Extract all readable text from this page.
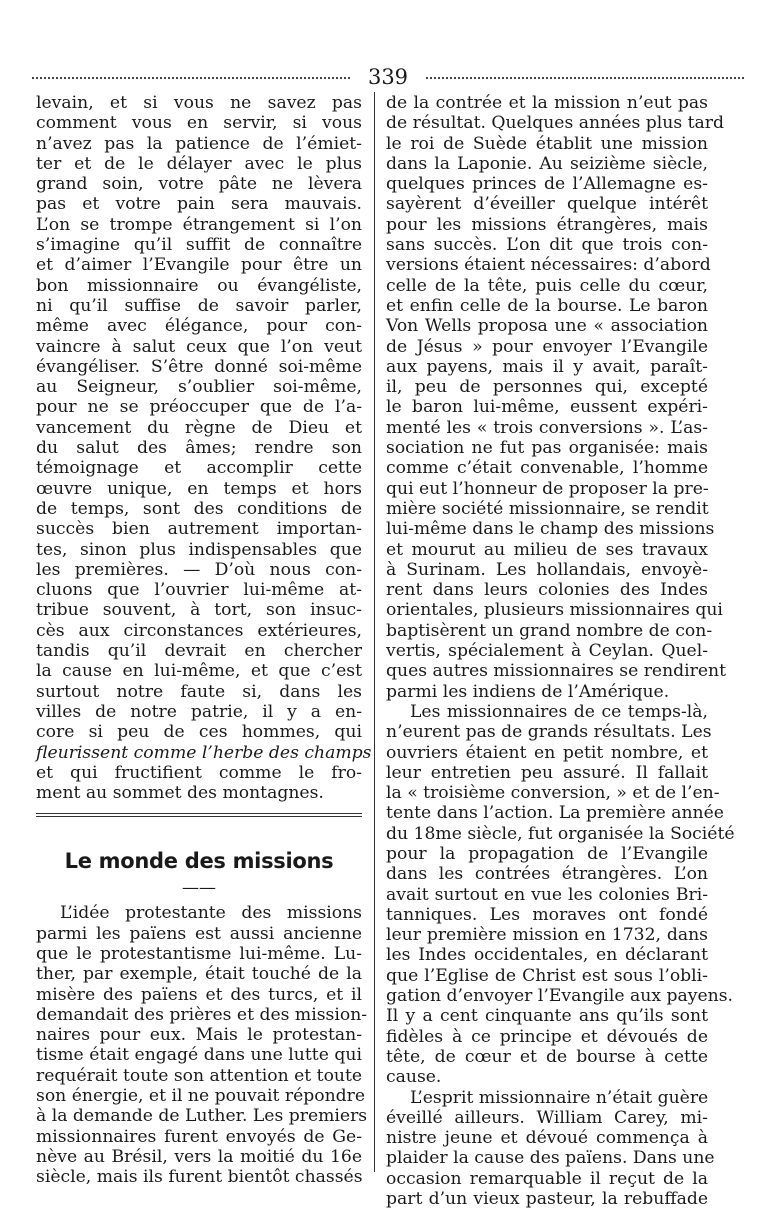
339
levain, et si vous ne savez pas
comment vous en servir, si vous
n’avez pas la patience de l’émiet-
ter et de le délayer avec le plus
grand soin, votre pâte ne lèvera
pas et votre pain sera mauvais.
L’on se trompe étrangement si l’on
s’imagine qu’il suffit de connaître
et d’aimer l’Evangile pour être un
bon missionnaire ou évangéliste,
ni qu’il suffise de savoir parler,
même avec élégance, pour con-
vaincre à salut ceux que l’on veut
évangéliser. S’être donné soi-même
au Seigneur, s’oublier soi-même,
pour ne se préoccuper que de l’a-
vancement du règne de Dieu et
du salut des âmes; rendre son
témoignage et accomplir cette
œuvre unique, en temps et hors
de temps, sont des conditions de
succès bien autrement importan-
tes, sinon plus indispensables que
les premières. — D’où nous con-
cluons que l’ouvrier lui-même at-
tribue souvent, à tort, son insuc-
cès aux circonstances extérieures,
tandis qu’il devrait en chercher
la cause en lui-même, et que c’est
surtout notre faute si, dans les
villes de notre patrie, il y a en-
core si peu de ces hommes, qui
fleurissent comme l’herbe des champs
et qui fructifient comme le fro-
ment au sommet des montagnes.
Le monde des missions
——
L’idée protestante des missions
parmi les païens est aussi ancienne
que le protestantisme lui-même. Lu-
ther, par exemple, était touché de la
misère des païens et des turcs, et il
demandait des prières et des mission-
naires pour eux. Mais le protestan-
tisme était engagé dans une lutte qui
requérait toute son attention et toute
son énergie, et il ne pouvait répondre
à la demande de Luther. Les premiers
missionnaires furent envoyés de Ge-
nève au Brésil, vers la moitié du 16e
siècle, mais ils furent bientôt chassés
de la contrée et la mission n’eut pas
de résultat. Quelques années plus tard
le roi de Suède établit une mission
dans la Laponie. Au seizième siècle,
quelques princes de l’Allemagne es-
sayèrent d’éveiller quelque intérêt
pour les missions étrangères, mais
sans succès. L’on dit que trois con-
versions étaient nécessaires: d’abord
celle de la tête, puis celle du cœur,
et enfin celle de la bourse. Le baron
Von Wells proposa une « association
de Jésus » pour envoyer l’Evangile
aux payens, mais il y avait, paraît-
il, peu de personnes qui, excepté
le baron lui-même, eussent expéri-
menté les « trois conversions ». L’as-
sociation ne fut pas organisée: mais
comme c’était convenable, l’homme
qui eut l’honneur de proposer la pre-
mière société missionnaire, se rendit
lui-même dans le champ des missions
et mourut au milieu de ses travaux
à Surinam. Les hollandais, envoyè-
rent dans leurs colonies des Indes
orientales, plusieurs missionnaires qui
baptisèrent un grand nombre de con-
vertis, spécialement à Ceylan. Quel-
ques autres missionnaires se rendirent
parmi les indiens de l’Amérique.
Les missionnaires de ce temps-là,
n’eurent pas de grands résultats. Les
ouvriers étaient en petit nombre, et
leur entretien peu assuré. Il fallait
la « troisième conversion, » et de l’en-
tente dans l’action. La première année
du 18me siècle, fut organisée la Société
pour la propagation de l’Evangile
dans les contrées étrangères. L’on
avait surtout en vue les colonies Bri-
tanniques. Les moraves ont fondé
leur première mission en 1732, dans
les Indes occidentales, en déclarant
que l’Eglise de Christ est sous l’obli-
gation d’envoyer l’Evangile aux payens.
Il y a cent cinquante ans qu’ils sont
fidèles à ce principe et dévoués de
tête, de cœur et de bourse à cette
cause.
L’esprit missionnaire n’était guère
éveillé ailleurs. William Carey, mi-
nistre jeune et dévoué commença à
plaider la cause des païens. Dans une
occasion remarquable il reçut de la
part d’un vieux pasteur, la rebuffade
